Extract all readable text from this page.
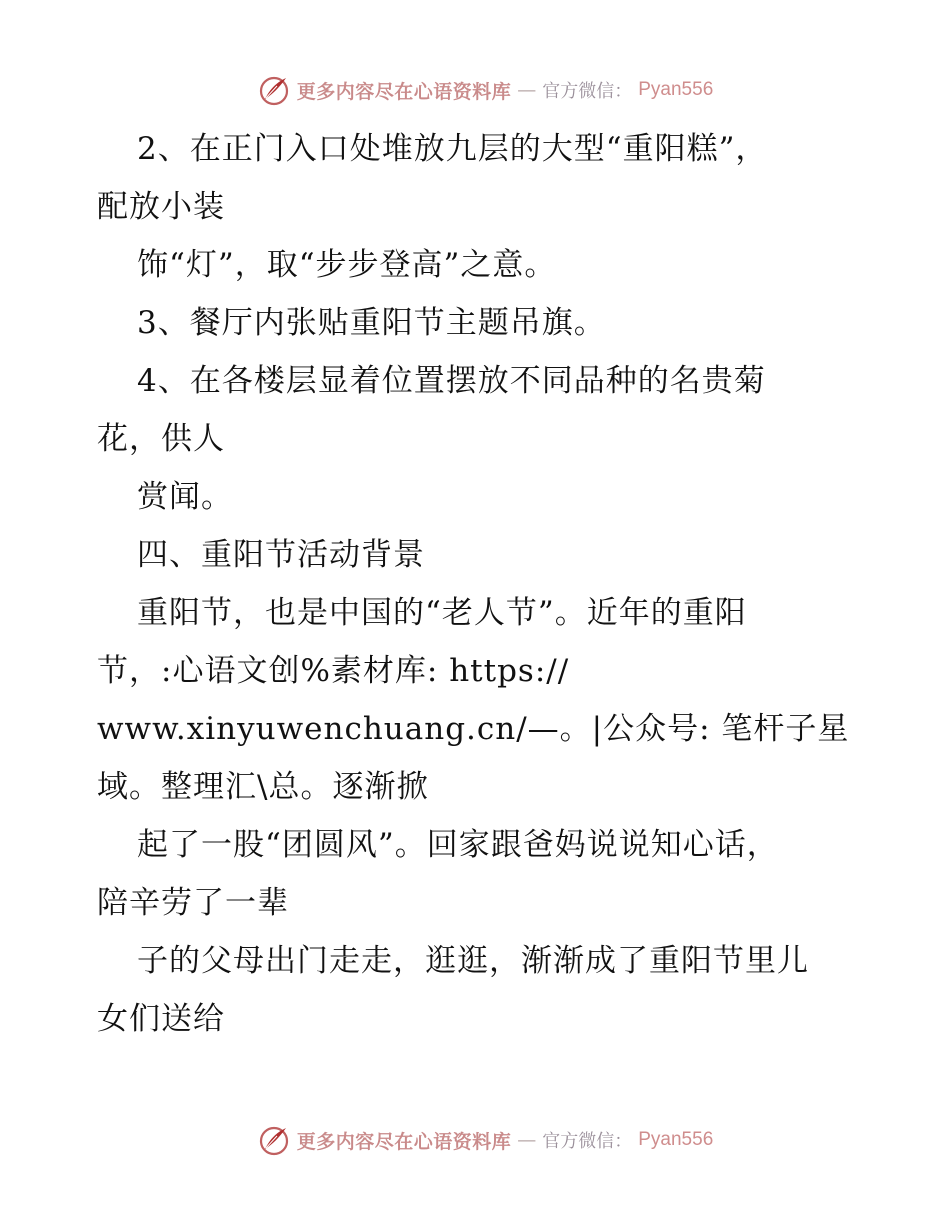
更多内容尽在心语资料库 — 官方微信： Pyan556
2、在正门入口处堆放九层的大型“重阳糕”，
配放小装
饰“灯”，取“步步登高”之意。
3、餐厅内张贴重阳节主题吊旗。
4、在各楼层显着位置摆放不同品种的名贵菊
花，供人
赏闻。
四、重阳节活动背景
重阳节，也是中国的“老人节”。近年的重阳
节，:心语文创%素材库: https://
www.xinyuwenchuang.cn/—。|公众号: 笔杆子星
域。整理汇\总。逐渐掀
起了一股“团圆风”。回家跟爸妈说说知心话，
陪辛劳了一辈
子的父母出门走走，逛逛，渐渐成了重阳节里儿
女们送给
更多内容尽在心语资料库 — 官方微信： Pyan556
